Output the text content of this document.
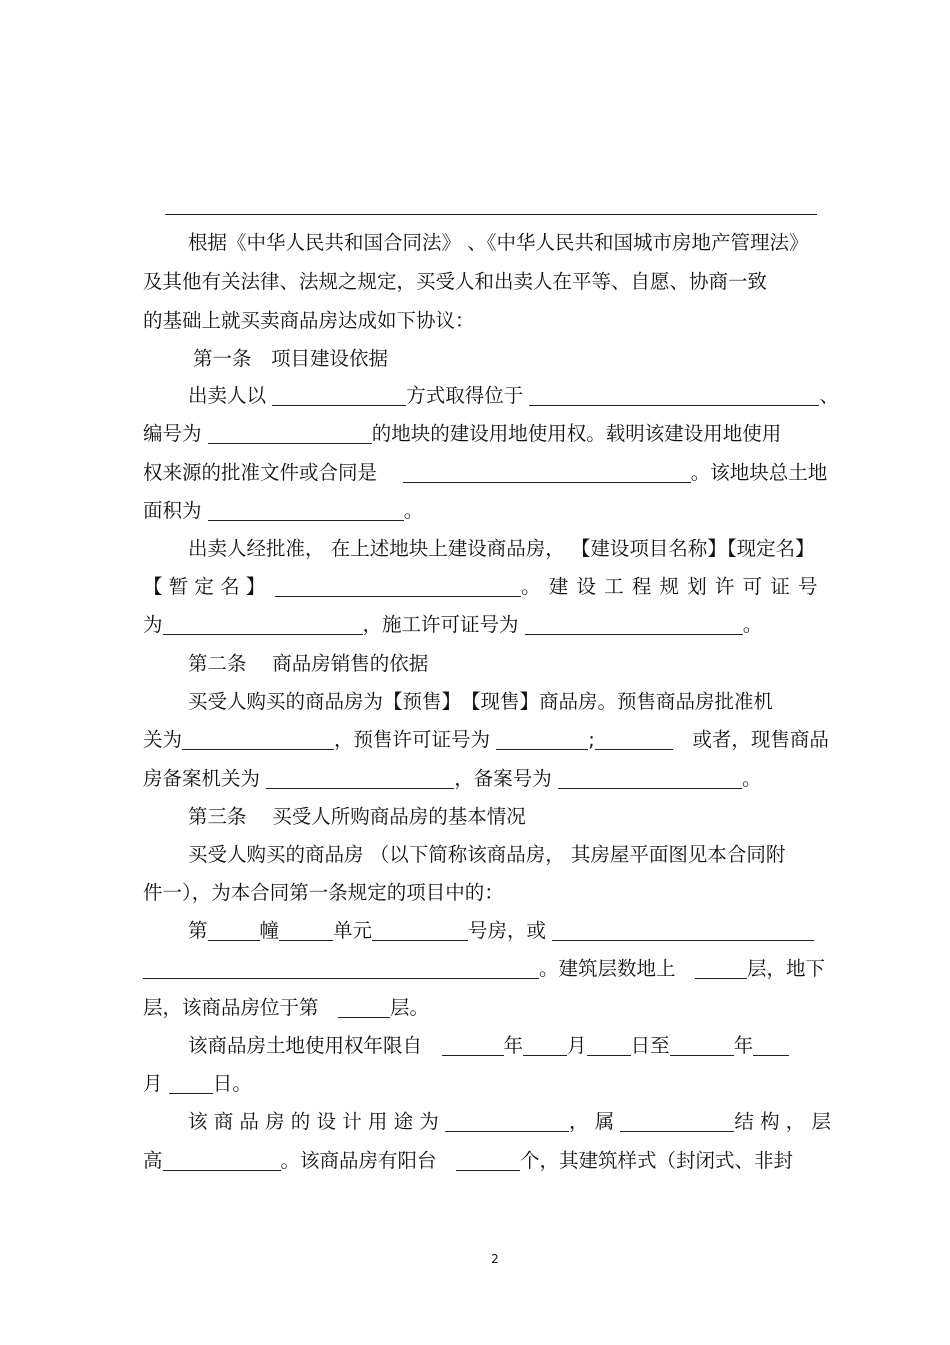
根据《中华人民共和国合同法》 、《中华人民共和国城市房地产管理法》
及其他有关法律、法规之规定，买受人和出卖人在平等、自愿、协商一致
的基础上就买卖商品房达成如下协议：
第一条　项目建设依据
出卖人以	方式取得位于	、
编号为	的地块的建设用地使用权。载明该建设用地使用
权来源的批准文件或合同是　	。该地块总土地
面积为	。
出卖人经批准， 在上述地块上建设商品房， 【建设项目名称】【现定名】
【 暂 定 名 】　	。 建 设 工 程 规 划 许 可 证 号
为	，施工许可证号为	。
第二条　 商品房销售的依据
买受人购买的商品房为【预售】　【现售】商品房。预售商品房批准机
关为	，预售许可证号为	;　	或者，现售商品
房备案机关为	，备案号为	。
第三条　 买受人所购商品房的基本情况
买受人购买的商品房 （以下简称该商品房， 其房屋平面图见本合同附
件一），为本合同第一条规定的项目中的：
第	幢	单元	号房，或
。建筑层数地上　	层，地下
层，该商品房位于第　	层。
该商品房土地使用权年限自　	年 月 日至	年
月	日。
该 商 品 房 的 设 计 用 途 为	， 属	结 构 ， 层
高	。该商品房有阳台　	个，其建筑样式（封闭式、非封
2
